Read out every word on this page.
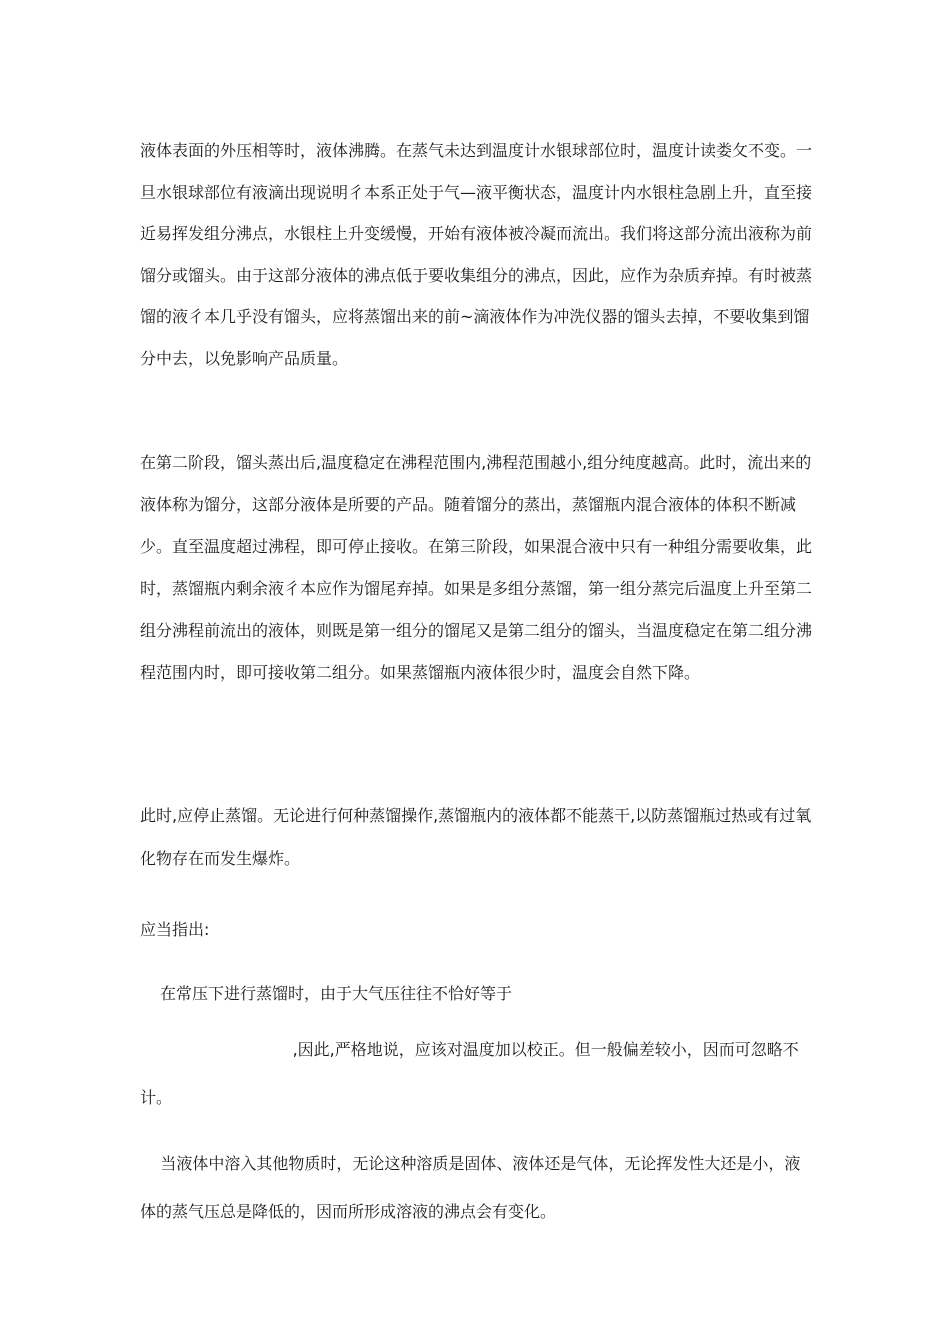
液体表面的外压相等时，液体沸腾。在蒸气未达到温度计水银球部位时，温度计读娄攵不变。一旦水银球部位有液滴出现说明彳本系正处于气—液平衡状态，温度计内水银柱急剧上升，直至接近易挥发组分沸点，水银柱上升变缓慢，开始有液体被冷凝而流出。我们将这部分流出液称为前馏分或馏头。由于这部分液体的沸点低于要收集组分的沸点，因此，应作为杂质弃掉。有时被蒸馏的液彳本几乎没有馏头，应将蒸馏出来的前~滴液体作为冲洗仪器的馏头去掉，不要收集到馏分中去，以免影响产品质量。

在第二阶段，馏头蒸出后,温度稳定在沸程范围内,沸程范围越小,组分纯度越高。此时，流出来的液体称为馏分，这部分液体是所要的产品。随着馏分的蒸出，蒸馏瓶内混合液体的体积不断减少。直至温度超过沸程，即可停止接收。在第三阶段，如果混合液中只有一种组分需要收集，此时，蒸馏瓶内剩余液彳本应作为馏尾弃掉。如果是多组分蒸馏，第一组分蒸完后温度上升至第二组分沸程前流出的液体，则既是第一组分的馏尾又是第二组分的馏头，当温度稳定在第二组分沸程范围内时，即可接收第二组分。如果蒸馏瓶内液体很少时，温度会自然下降。

此时,应停止蒸馏。无论进行何种蒸馏操作,蒸馏瓶内的液体都不能蒸干,以防蒸馏瓶过热或有过氧化物存在而发生爆炸。

应当指出:

在常压下进行蒸馏时，由于大气压往往不恰好等于

,因此,严格地说，应该对温度加以校正。但一般偏差较小，因而可忽略不计。

当液体中溶入其他物质时，无论这种溶质是固体、液体还是气体，无论挥发性大还是小，液体的蒸气压总是降低的，因而所形成溶液的沸点会有变化。
